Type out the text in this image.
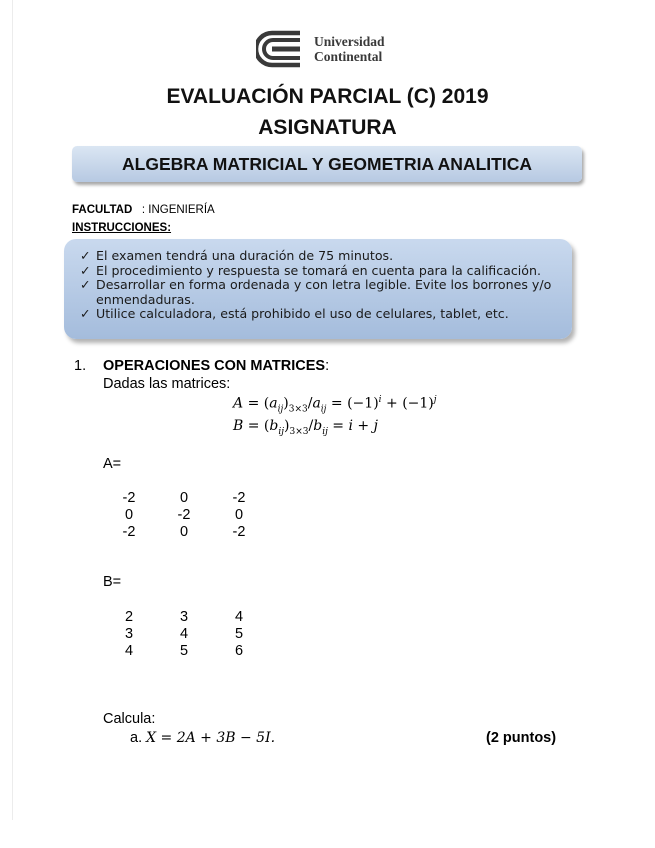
Universidad
Continental
EVALUACIÓN PARCIAL (C) 2019
ASIGNATURA
ALGEBRA MATRICIAL Y GEOMETRIA ANALITICA
FACULTAD : INGENIERÍA
INSTRUCCIONES:
✓ El examen tendrá una duración de 75 minutos.
✓ El procedimiento y respuesta se tomará en cuenta para la calificación.
✓ Desarrollar en forma ordenada y con letra legible. Evite los borrones y/o enmendaduras.
✓ Utilice calculadora, está prohibido el uso de celulares, tablet, etc.
1. OPERACIONES CON MATRICES:
Dadas las matrices:
$A = (a_{ij})_{3\times 3}/a_{ij} = (-1)^i + (-1)^j$
$B = (b_{ij})_{3\times 3}/b_{ij} = i + j$
A=
-2	0	-2
0	-2	0
-2	0	-2
B=
2	3	4
3	4	5
4	5	6
Calcula:
a. X = 2A + 3B − 5I.	(2 puntos)
